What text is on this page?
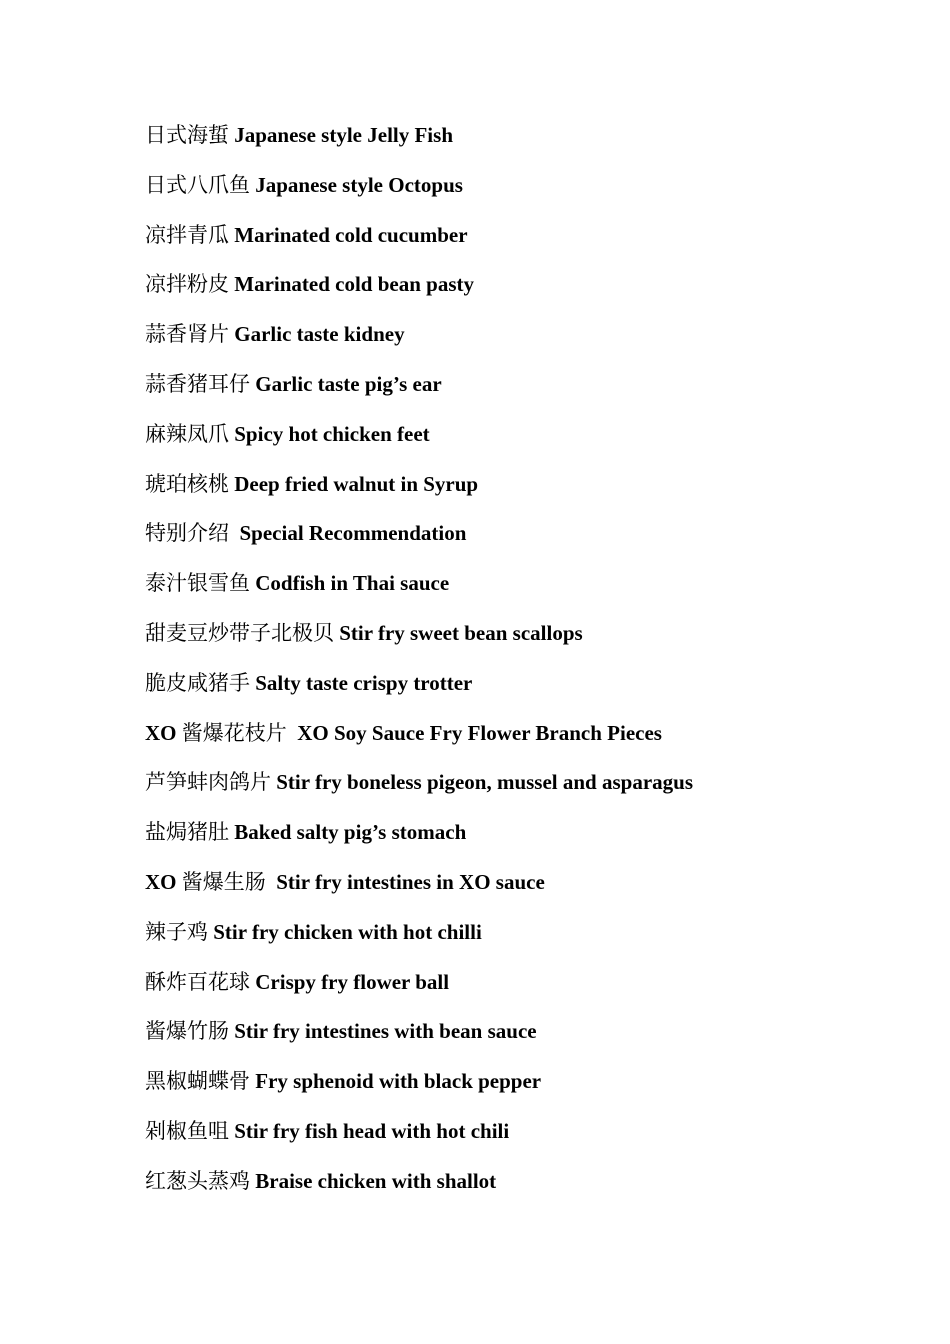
日式海蜇 Japanese style Jelly Fish
日式八爪鱼 Japanese style Octopus
凉拌青瓜 Marinated cold cucumber
凉拌粉皮 Marinated cold bean pasty
蒜香肾片 Garlic taste kidney
蒜香猪耳仔 Garlic taste pig’s ear
麻辣凤爪 Spicy hot chicken feet
琥珀核桃 Deep fried walnut in Syrup
特别介绍  Special Recommendation
泰汁银雪鱼 Codfish in Thai sauce
甜麦豆炒带子北极贝 Stir fry sweet bean scallops
脆皮咸猪手 Salty taste crispy trotter
XO 酱爆花枝片  XO Soy Sauce Fry Flower Branch Pieces
芦笋蚌肉鸽片 Stir fry boneless pigeon, mussel and asparagus
盐焗猪肚 Baked salty pig’s stomach
XO 酱爆生肠  Stir fry intestines in XO sauce
辣子鸡 Stir fry chicken with hot chilli
酥炸百花球 Crispy fry flower ball
酱爆竹肠 Stir fry intestines with bean sauce
黑椒蝴蝶骨 Fry sphenoid with black pepper
剁椒鱼咀 Stir fry fish head with hot chili
红葱头蒸鸡 Braise chicken with shallot
